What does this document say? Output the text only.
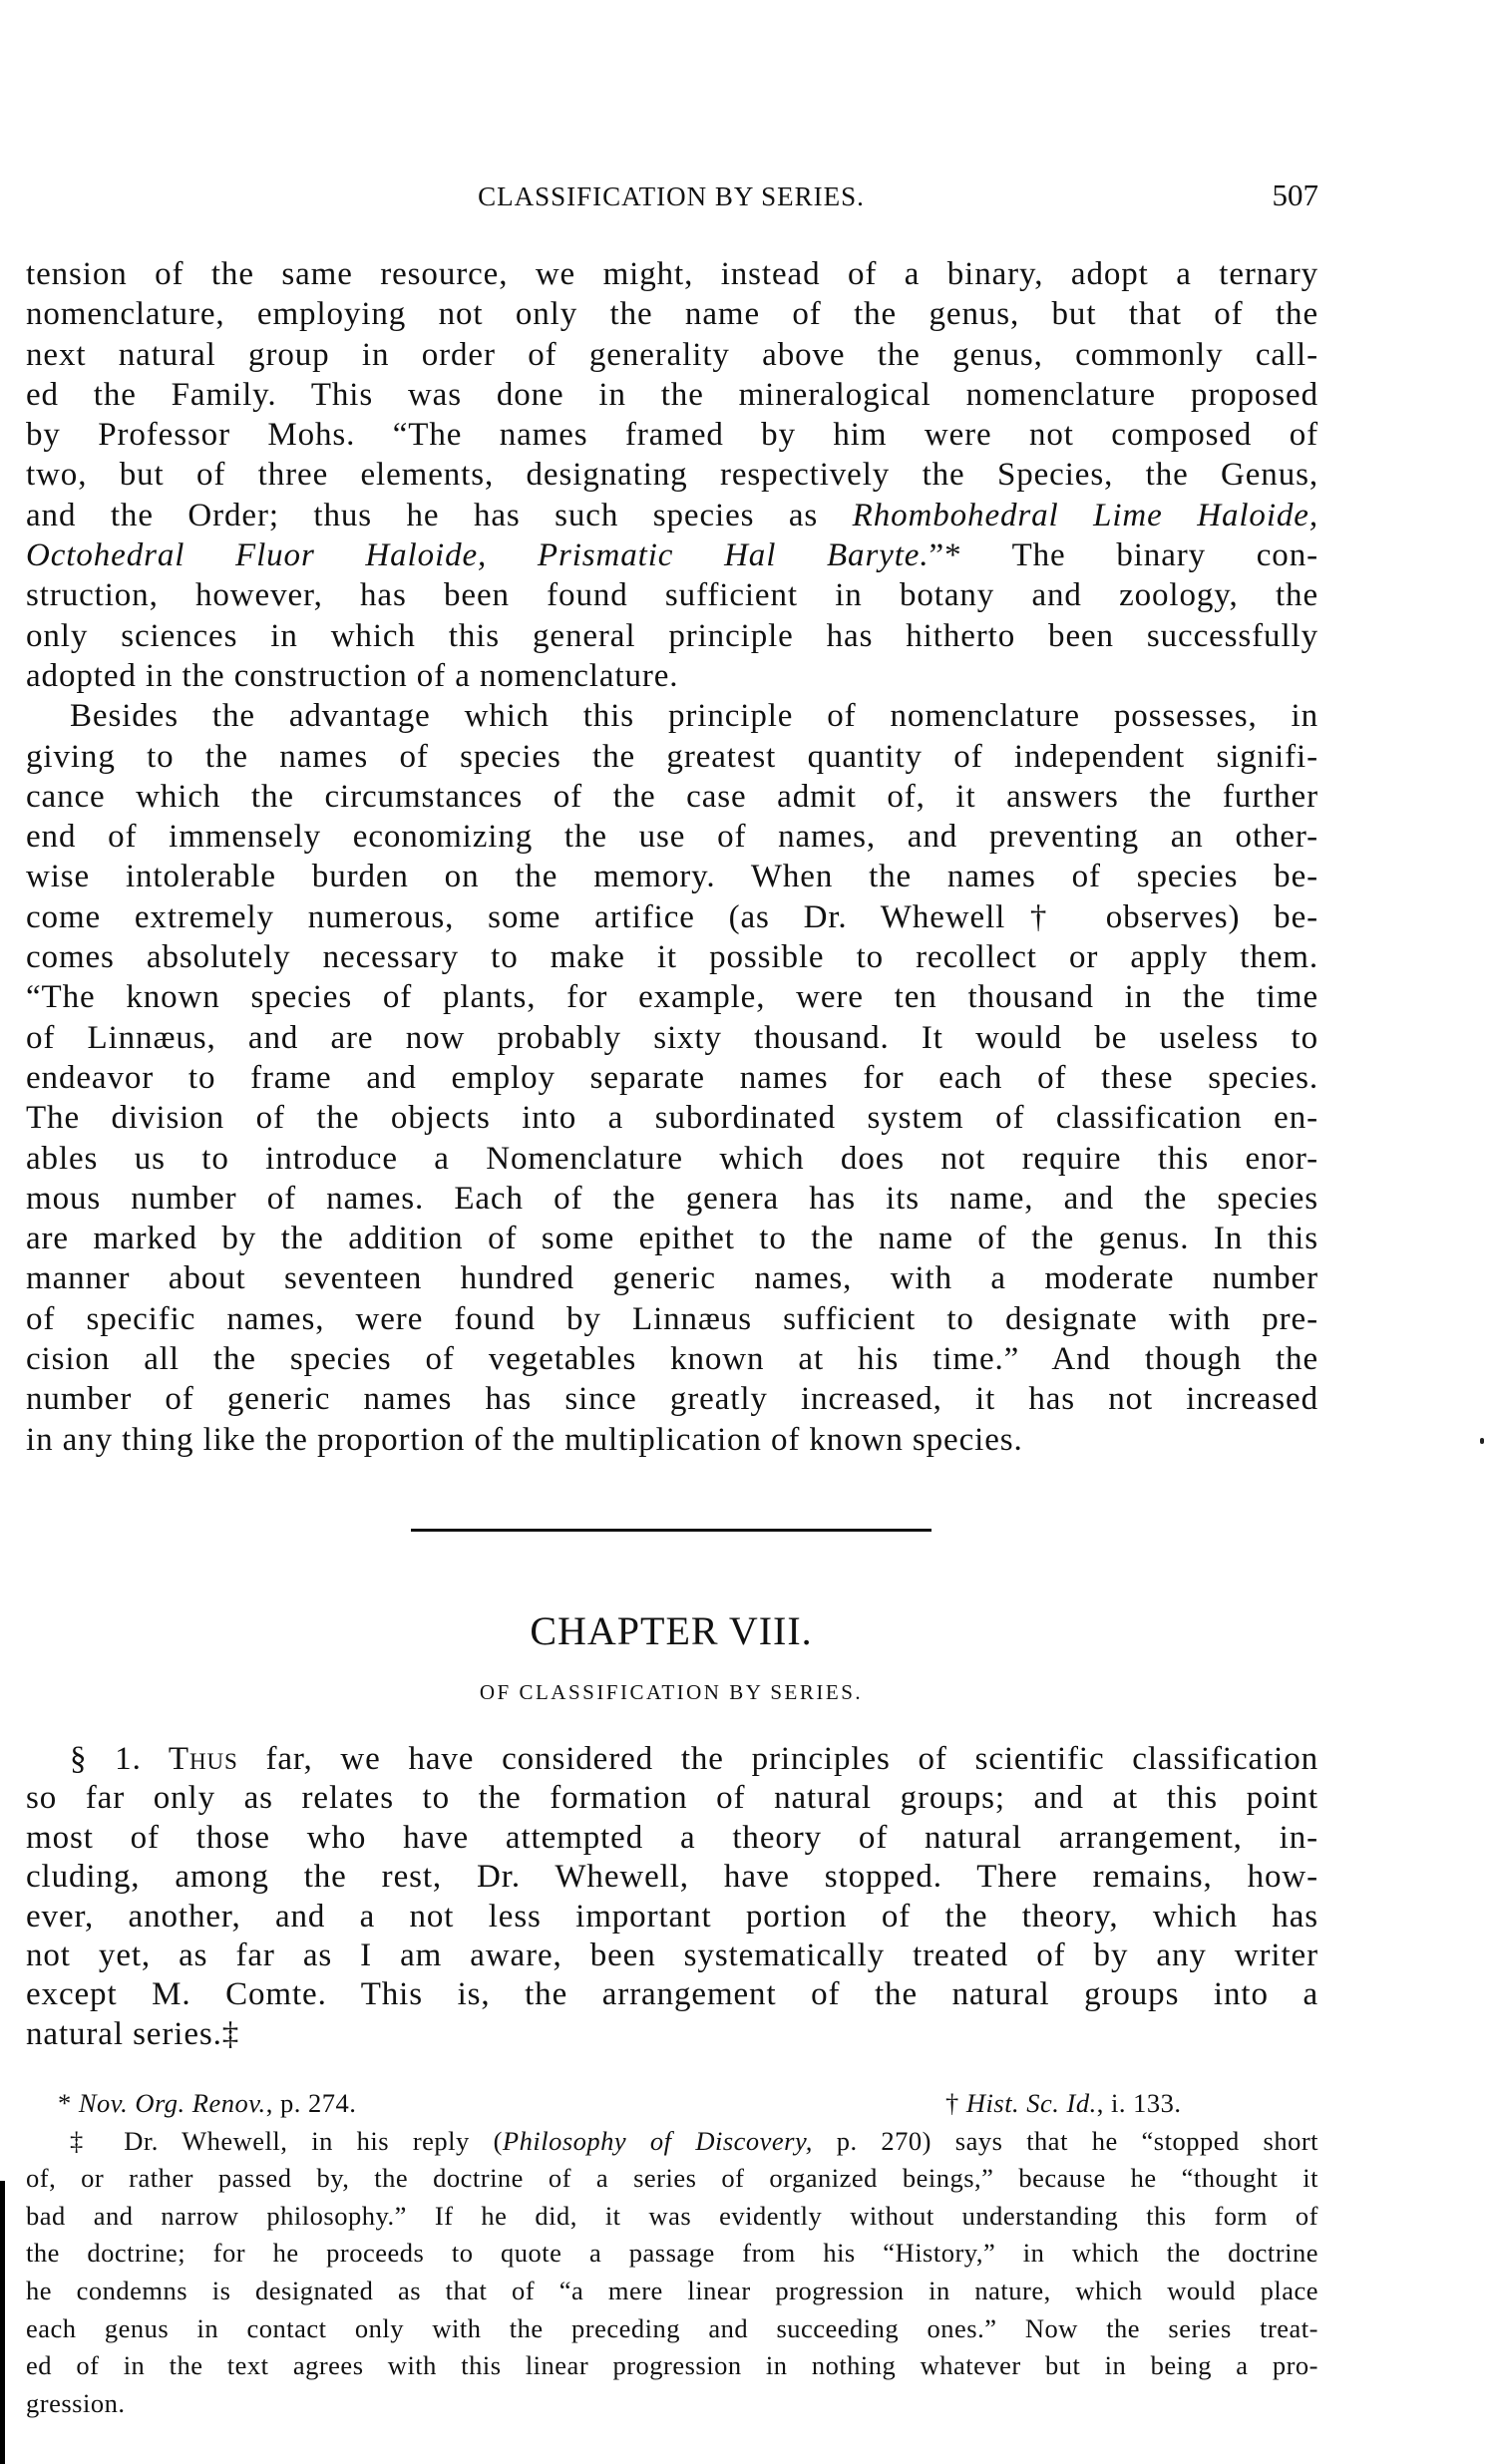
CLASSIFICATION BY SERIES.	507
tension of the same resource, we might, instead of a binary, adopt a ternary
nomenclature, employing not only the name of the genus, but that of the
next natural group in order of generality above the genus, commonly call-
ed the Family. This was done in the mineralogical nomenclature proposed
by Professor Mohs. “The names framed by him were not composed of
two, but of three elements, designating respectively the Species, the Genus,
and the Order; thus he has such species as Rhombohedral Lime Haloide,
Octohedral Fluor Haloide, Prismatic Hal Baryte.”* The binary con-
struction, however, has been found sufficient in botany and zoology, the
only sciences in which this general principle has hitherto been successfully
adopted in the construction of a nomenclature.
Besides the advantage which this principle of nomenclature possesses, in
giving to the names of species the greatest quantity of independent signifi-
cance which the circumstances of the case admit of, it answers the further
end of immensely economizing the use of names, and preventing an other-
wise intolerable burden on the memory. When the names of species be-
come extremely numerous, some artifice (as Dr. Whewell† observes) be-
comes absolutely necessary to make it possible to recollect or apply them.
“The known species of plants, for example, were ten thousand in the time
of Linnæus, and are now probably sixty thousand. It would be useless to
endeavor to frame and employ separate names for each of these species.
The division of the objects into a subordinated system of classification en-
ables us to introduce a Nomenclature which does not require this enor-
mous number of names. Each of the genera has its name, and the species
are marked by the addition of some epithet to the name of the genus. In this
manner about seventeen hundred generic names, with a moderate number
of specific names, were found by Linnæus sufficient to designate with pre-
cision all the species of vegetables known at his time.” And though the
number of generic names has since greatly increased, it has not increased
in any thing like the proportion of the multiplication of known species.
CHAPTER VIII.
OF CLASSIFICATION BY SERIES.
§ 1. Thus far, we have considered the principles of scientific classification
so far only as relates to the formation of natural groups; and at this point
most of those who have attempted a theory of natural arrangement, in-
cluding, among the rest, Dr. Whewell, have stopped. There remains, how-
ever, another, and a not less important portion of the theory, which has
not yet, as far as I am aware, been systematically treated of by any writer
except M. Comte. This is, the arrangement of the natural groups into a
natural series.‡
* Nov. Org. Renov., p. 274.	† Hist. Sc. Id., i. 133.
‡ Dr. Whewell, in his reply (Philosophy of Discovery, p. 270) says that he “stopped short
of, or rather passed by, the doctrine of a series of organized beings,” because he “thought it
bad and narrow philosophy.” If he did, it was evidently without understanding this form of
the doctrine; for he proceeds to quote a passage from his “History,” in which the doctrine
he condemns is designated as that of “a mere linear progression in nature, which would place
each genus in contact only with the preceding and succeeding ones.” Now the series treat-
ed of in the text agrees with this linear progression in nothing whatever but in being a pro-
gression.
